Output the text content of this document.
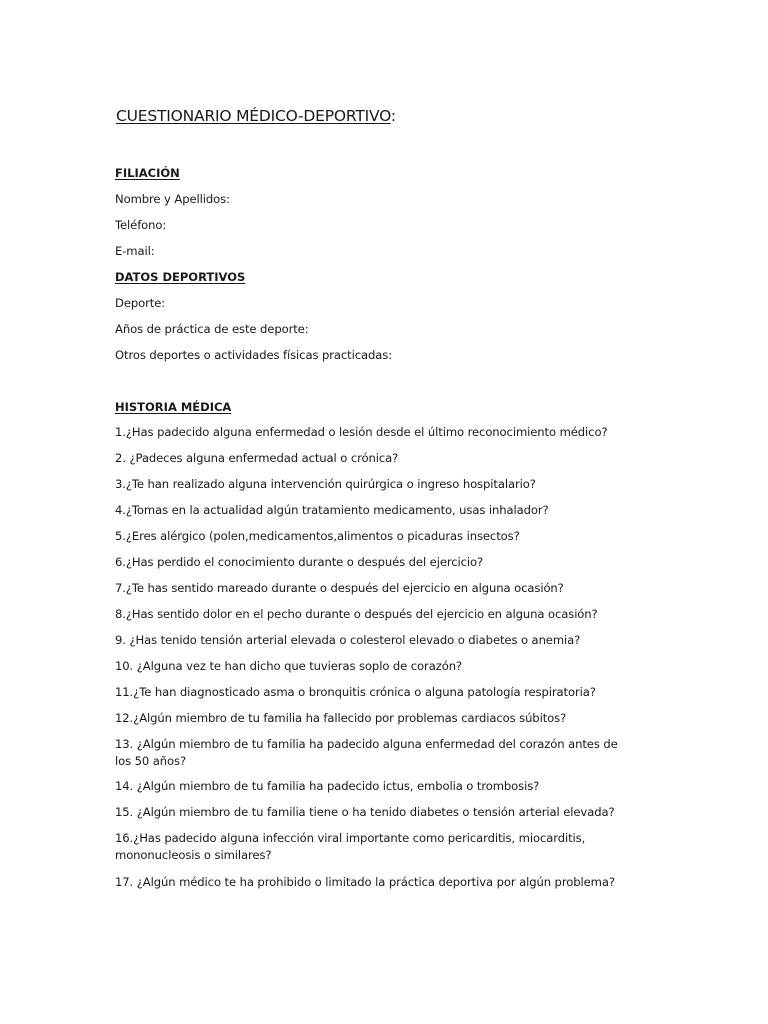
CUESTIONARIO MÉDICO-DEPORTIVO:
FILIACIÓN
Nombre y Apellidos:
Teléfono:
E-mail:
DATOS DEPORTIVOS
Deporte:
Años de práctica de este deporte:
Otros deportes o actividades físicas practicadas:
HISTORIA MÉDICA
1.¿Has padecido alguna enfermedad o lesión desde el último reconocimiento médico?
2. ¿Padeces alguna enfermedad actual o crónica?
3.¿Te han realizado alguna intervención quirúrgica o ingreso hospitalario?
4.¿Tomas en la actualidad algún tratamiento medicamento, usas inhalador?
5.¿Eres alérgico (polen,medicamentos,alimentos o picaduras insectos?
6.¿Has perdido el conocimiento durante o después del ejercicio?
7.¿Te has sentido mareado durante o después del ejercicio en alguna ocasión?
8.¿Has sentido dolor en el pecho durante o después del ejercicio en alguna ocasión?
9. ¿Has tenido tensión arterial elevada o colesterol elevado o diabetes o anemia?
10. ¿Alguna vez te han dicho que tuvieras soplo de corazón?
11.¿Te han diagnosticado asma o bronquitis crónica o alguna patología respiratoria?
12.¿Algún miembro de tu familia ha fallecido por problemas cardiacos súbitos?
13. ¿Algún miembro de tu familia ha padecido alguna enfermedad del corazón antes de los 50 años?
14. ¿Algún miembro de tu familia ha padecido ictus, embolia o trombosis?
15. ¿Algún miembro de tu familia tiene o ha tenido diabetes o tensión arterial elevada?
16.¿Has padecido alguna infección viral importante como pericarditis, miocarditis, mononucleosis o similares?
17. ¿Algún médico te ha prohibido o limitado la práctica deportiva por algún problema?
